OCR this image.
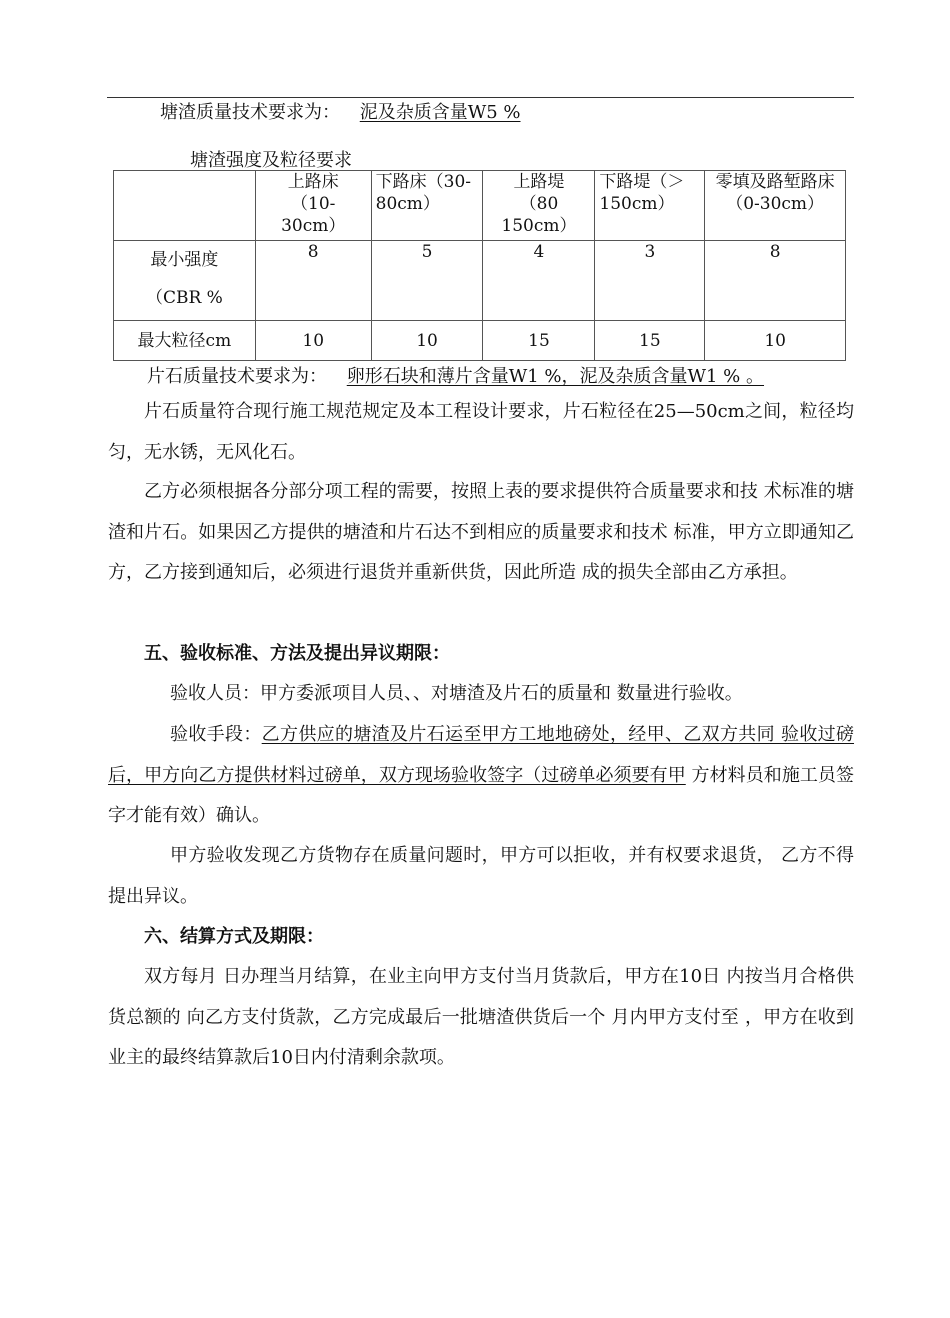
塘渣质量技术要求为： 泥及杂质含量W5 %
塘渣强度及粒径要求
	上路床（10-30cm）	下路床（30-80cm）	上路堤（80 150cm）	下路堤（＞150cm）	零填及路堑路床（0-30cm）
最小强度（CBR %	8	5	4	3	8
最大粒径cm	10	10	15	15	10
片石质量技术要求为： 卵形石块和薄片含量W1 %，泥及杂质含量W1 % 。
片石质量符合现行施工规范规定及本工程设计要求，片石粒径在25—50cm之间，粒径均匀，无水锈，无风化石。
乙方必须根据各分部分项工程的需要，按照上表的要求提供符合质量要求和技 术标准的塘渣和片石。如果因乙方提供的塘渣和片石达不到相应的质量要求和技术 标准，甲方立即通知乙方，乙方接到通知后，必须进行退货并重新供货，因此所造 成的损失全部由乙方承担。
五、验收标准、方法及提出异议期限：
验收人员：甲方委派项目人员、、对塘渣及片石的质量和 数量进行验收。
验收手段：乙方供应的塘渣及片石运至甲方工地地磅处，经甲、乙双方共同 验收过磅后，甲方向乙方提供材料过磅单，双方现场验收签字（过磅单必须要有甲 方材料员和施工员签字才能有效）确认。
甲方验收发现乙方货物存在质量问题时，甲方可以拒收，并有权要求退货， 乙方不得提出异议。
六、结算方式及期限：
双方每月 日办理当月结算，在业主向甲方支付当月货款后，甲方在10日 内按当月合格供货总额的 向乙方支付货款，乙方完成最后一批塘渣供货后一个 月内甲方支付至 ，甲方在收到业主的最终结算款后10日内付清剩余款项。
